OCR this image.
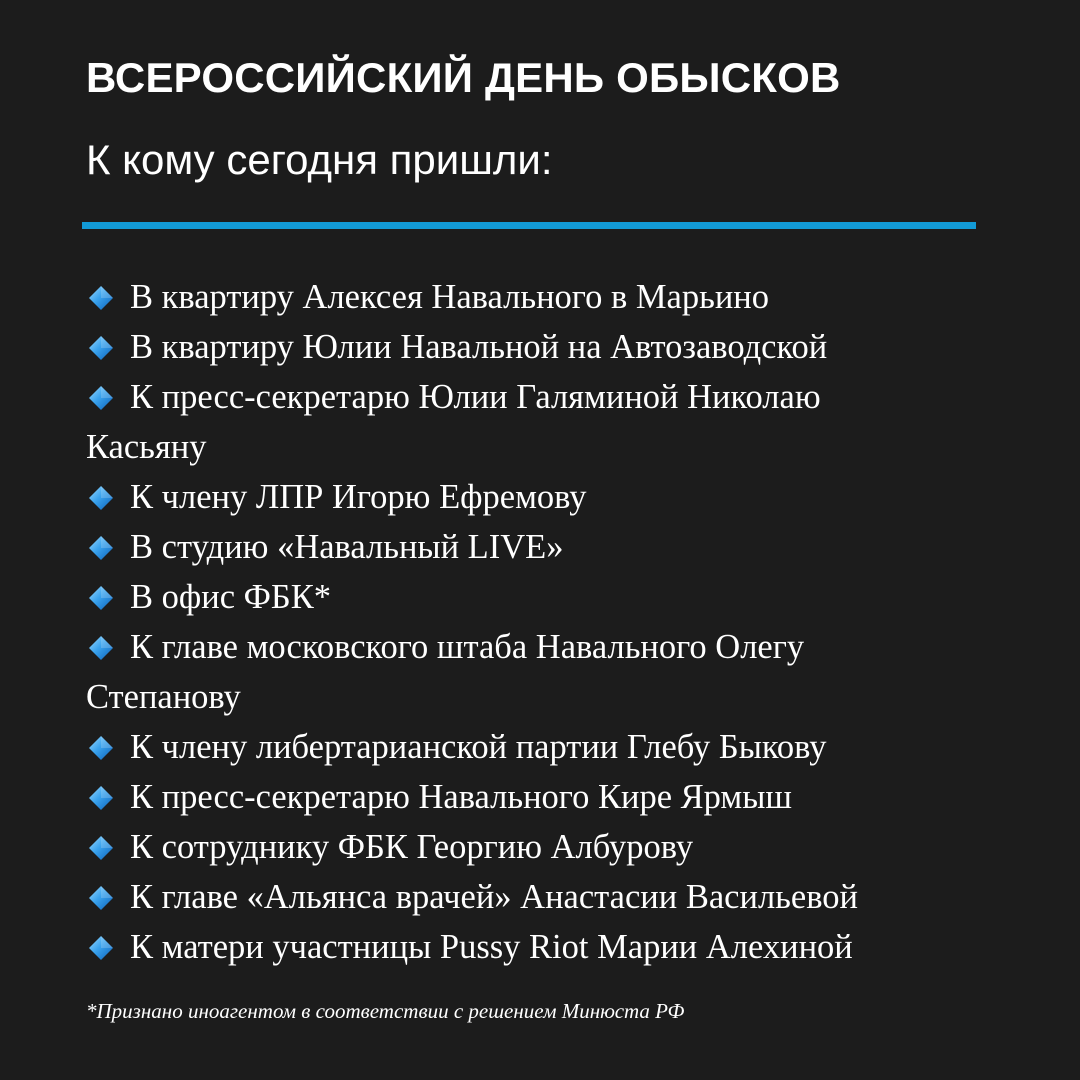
ВСЕРОССИЙСКИЙ ДЕНЬ ОБЫСКОВ
К кому сегодня пришли:
В квартиру Алексея Навального в Марьино
В квартиру Юлии Навальной на Автозаводской
К пресс-секретарю Юлии Галяминой Николаю
Касьяну
К члену ЛПР Игорю Ефремову
В студию «Навальный LIVE»
В офис ФБК*
К главе московского штаба Навального Олегу
Степанову
К члену либертарианской партии Глебу Быкову
К пресс-секретарю Навального Кире Ярмыш
К сотруднику ФБК Георгию Албурову
К главе «Альянса врачей» Анастасии Васильевой
К матери участницы Pussy Riot Марии Алехиной
*Признано иноагентом в соответствии с решением Минюста РФ
